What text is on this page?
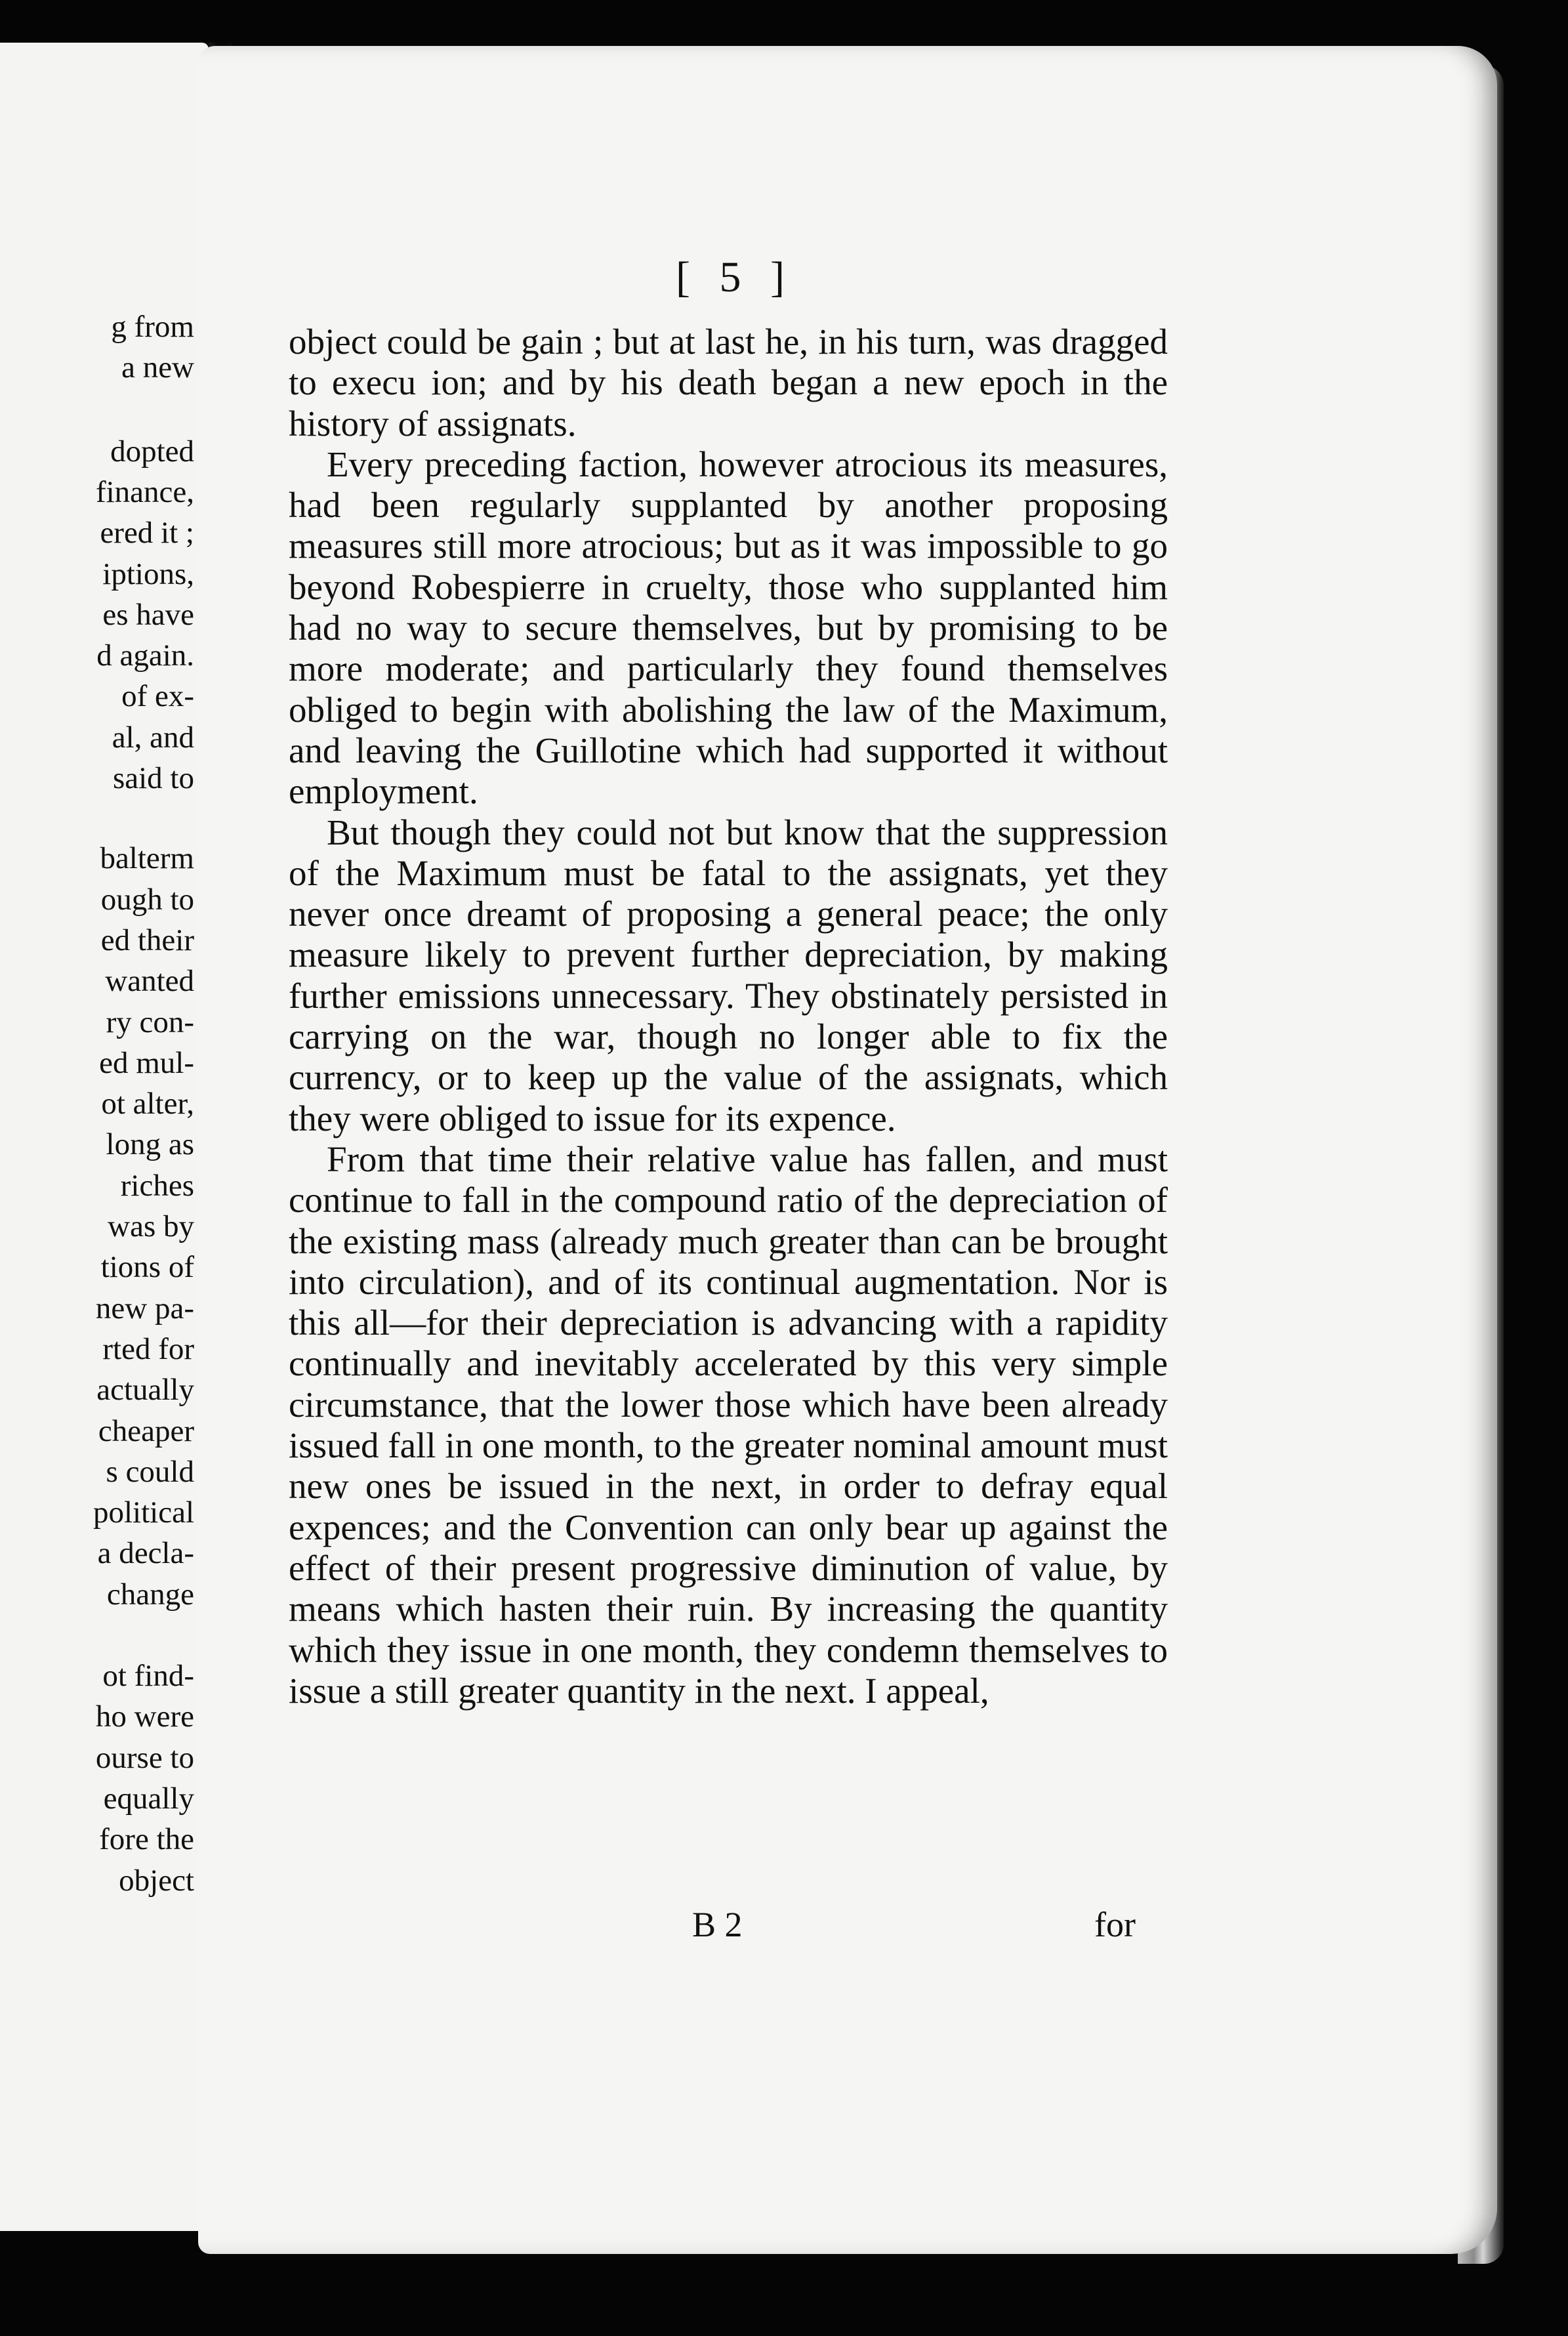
g from
a new
dopted
finance,
ered it ;
iptions,
es have
d again.
of ex-
al, and
said to
balterm
ough to
ed their
wanted
ry con-
ed mul-
ot alter,
long as
riches
was by
tions of
new pa-
rted for
actually
cheaper
s could
political
a decla-
change
ot find-
ho were
ourse to
equally
fore the
object
[ 5 ]

object could be gain ; but at last he, in his turn, was dragged to execu ion; and by his death began a new epoch in the history of assignats.

Every preceding faction, however atrocious its measures, had been regularly supplanted by another proposing measures still more atrocious; but as it was impossible to go beyond Robespierre in cruelty, those who supplanted him had no way to secure themselves, but by promising to be more moderate; and particularly they found themselves obliged to begin with abolishing the law of the Maximum, and leaving the Guillotine which had supported it without employment.

But though they could not but know that the suppression of the Maximum must be fatal to the assignats, yet they never once dreamt of proposing a general peace; the only measure likely to prevent further depreciation, by making further emissions unnecessary. They obstinately persisted in carrying on the war, though no longer able to fix the currency, or to keep up the value of the assignats, which they were obliged to issue for its expence.

From that time their relative value has fallen, and must continue to fall in the compound ratio of the depreciation of the existing mass (already much greater than can be brought into circulation), and of its continual augmentation. Nor is this all—for their depreciation is advancing with a rapidity continually and inevitably accelerated by this very simple circumstance, that the lower those which have been already issued fall in one month, to the greater nominal amount must new ones be issued in the next, in order to defray equal expences; and the Convention can only bear up against the effect of their present progressive diminution of value, by means which hasten their ruin. By increasing the quantity which they issue in one month, they condemn themselves to issue a still greater quantity in the next. I appeal,

B 2	for
